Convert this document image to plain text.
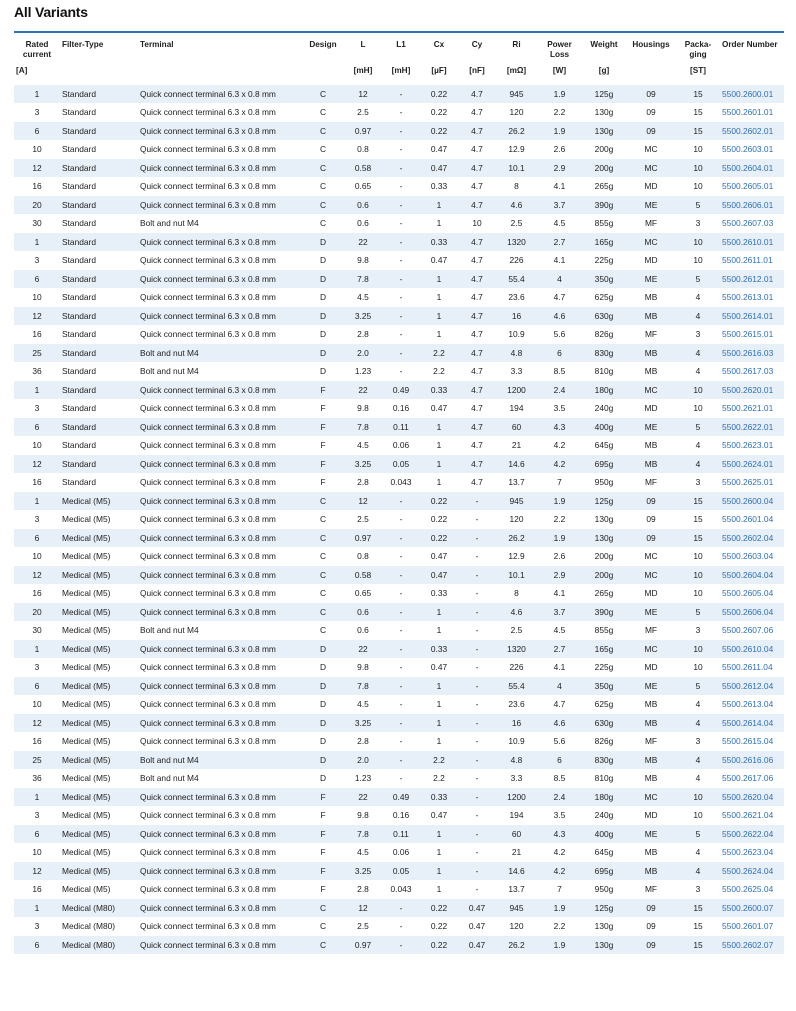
All Variants
Rated current	Filter-Type	Terminal	Design	L	L1	Cx	Cy	Ri	Power Loss	Weight	Housings	Packa-ging	Order Number
[A]				[mH]	[mH]	[µF]	[nF]	[mΩ]	[W]	[g]		[ST]	
1	Standard	Quick connect terminal 6.3 x 0.8 mm	C	12	-	0.22	4.7	945	1.9	125g	09	15	5500.2600.01
3	Standard	Quick connect terminal 6.3 x 0.8 mm	C	2.5	-	0.22	4.7	120	2.2	130g	09	15	5500.2601.01
6	Standard	Quick connect terminal 6.3 x 0.8 mm	C	0.97	-	0.22	4.7	26.2	1.9	130g	09	15	5500.2602.01
10	Standard	Quick connect terminal 6.3 x 0.8 mm	C	0.8	-	0.47	4.7	12.9	2.6	200g	MC	10	5500.2603.01
12	Standard	Quick connect terminal 6.3 x 0.8 mm	C	0.58	-	0.47	4.7	10.1	2.9	200g	MC	10	5500.2604.01
16	Standard	Quick connect terminal 6.3 x 0.8 mm	C	0.65	-	0.33	4.7	8	4.1	265g	MD	10	5500.2605.01
20	Standard	Quick connect terminal 6.3 x 0.8 mm	C	0.6	-	1	4.7	4.6	3.7	390g	ME	5	5500.2606.01
30	Standard	Bolt and nut M4	C	0.6	-	1	10	2.5	4.5	855g	MF	3	5500.2607.03
1	Standard	Quick connect terminal 6.3 x 0.8 mm	D	22	-	0.33	4.7	1320	2.7	165g	MC	10	5500.2610.01
3	Standard	Quick connect terminal 6.3 x 0.8 mm	D	9.8	-	0.47	4.7	226	4.1	225g	MD	10	5500.2611.01
6	Standard	Quick connect terminal 6.3 x 0.8 mm	D	7.8	-	1	4.7	55.4	4	350g	ME	5	5500.2612.01
10	Standard	Quick connect terminal 6.3 x 0.8 mm	D	4.5	-	1	4.7	23.6	4.7	625g	MB	4	5500.2613.01
12	Standard	Quick connect terminal 6.3 x 0.8 mm	D	3.25	-	1	4.7	16	4.6	630g	MB	4	5500.2614.01
16	Standard	Quick connect terminal 6.3 x 0.8 mm	D	2.8	-	1	4.7	10.9	5.6	826g	MF	3	5500.2615.01
25	Standard	Bolt and nut M4	D	2.0	-	2.2	4.7	4.8	6	830g	MB	4	5500.2616.03
36	Standard	Bolt and nut M4	D	1.23	-	2.2	4.7	3.3	8.5	810g	MB	4	5500.2617.03
1	Standard	Quick connect terminal 6.3 x 0.8 mm	F	22	0.49	0.33	4.7	1200	2.4	180g	MC	10	5500.2620.01
3	Standard	Quick connect terminal 6.3 x 0.8 mm	F	9.8	0.16	0.47	4.7	194	3.5	240g	MD	10	5500.2621.01
6	Standard	Quick connect terminal 6.3 x 0.8 mm	F	7.8	0.11	1	4.7	60	4.3	400g	ME	5	5500.2622.01
10	Standard	Quick connect terminal 6.3 x 0.8 mm	F	4.5	0.06	1	4.7	21	4.2	645g	MB	4	5500.2623.01
12	Standard	Quick connect terminal 6.3 x 0.8 mm	F	3.25	0.05	1	4.7	14.6	4.2	695g	MB	4	5500.2624.01
16	Standard	Quick connect terminal 6.3 x 0.8 mm	F	2.8	0.043	1	4.7	13.7	7	950g	MF	3	5500.2625.01
1	Medical (M5)	Quick connect terminal 6.3 x 0.8 mm	C	12	-	0.22	-	945	1.9	125g	09	15	5500.2600.04
3	Medical (M5)	Quick connect terminal 6.3 x 0.8 mm	C	2.5	-	0.22	-	120	2.2	130g	09	15	5500.2601.04
6	Medical (M5)	Quick connect terminal 6.3 x 0.8 mm	C	0.97	-	0.22	-	26.2	1.9	130g	09	15	5500.2602.04
10	Medical (M5)	Quick connect terminal 6.3 x 0.8 mm	C	0.8	-	0.47	-	12.9	2.6	200g	MC	10	5500.2603.04
12	Medical (M5)	Quick connect terminal 6.3 x 0.8 mm	C	0.58	-	0.47	-	10.1	2.9	200g	MC	10	5500.2604.04
16	Medical (M5)	Quick connect terminal 6.3 x 0.8 mm	C	0.65	-	0.33	-	8	4.1	265g	MD	10	5500.2605.04
20	Medical (M5)	Quick connect terminal 6.3 x 0.8 mm	C	0.6	-	1	-	4.6	3.7	390g	ME	5	5500.2606.04
30	Medical (M5)	Bolt and nut M4	C	0.6	-	1	-	2.5	4.5	855g	MF	3	5500.2607.06
1	Medical (M5)	Quick connect terminal 6.3 x 0.8 mm	D	22	-	0.33	-	1320	2.7	165g	MC	10	5500.2610.04
3	Medical (M5)	Quick connect terminal 6.3 x 0.8 mm	D	9.8	-	0.47	-	226	4.1	225g	MD	10	5500.2611.04
6	Medical (M5)	Quick connect terminal 6.3 x 0.8 mm	D	7.8	-	1	-	55.4	4	350g	ME	5	5500.2612.04
10	Medical (M5)	Quick connect terminal 6.3 x 0.8 mm	D	4.5	-	1	-	23.6	4.7	625g	MB	4	5500.2613.04
12	Medical (M5)	Quick connect terminal 6.3 x 0.8 mm	D	3.25	-	1	-	16	4.6	630g	MB	4	5500.2614.04
16	Medical (M5)	Quick connect terminal 6.3 x 0.8 mm	D	2.8	-	1	-	10.9	5.6	826g	MF	3	5500.2615.04
25	Medical (M5)	Bolt and nut M4	D	2.0	-	2.2	-	4.8	6	830g	MB	4	5500.2616.06
36	Medical (M5)	Bolt and nut M4	D	1.23	-	2.2	-	3.3	8.5	810g	MB	4	5500.2617.06
1	Medical (M5)	Quick connect terminal 6.3 x 0.8 mm	F	22	0.49	0.33	-	1200	2.4	180g	MC	10	5500.2620.04
3	Medical (M5)	Quick connect terminal 6.3 x 0.8 mm	F	9.8	0.16	0.47	-	194	3.5	240g	MD	10	5500.2621.04
6	Medical (M5)	Quick connect terminal 6.3 x 0.8 mm	F	7.8	0.11	1	-	60	4.3	400g	ME	5	5500.2622.04
10	Medical (M5)	Quick connect terminal 6.3 x 0.8 mm	F	4.5	0.06	1	-	21	4.2	645g	MB	4	5500.2623.04
12	Medical (M5)	Quick connect terminal 6.3 x 0.8 mm	F	3.25	0.05	1	-	14.6	4.2	695g	MB	4	5500.2624.04
16	Medical (M5)	Quick connect terminal 6.3 x 0.8 mm	F	2.8	0.043	1	-	13.7	7	950g	MF	3	5500.2625.04
1	Medical (M80)	Quick connect terminal 6.3 x 0.8 mm	C	12	-	0.22	0.47	945	1.9	125g	09	15	5500.2600.07
3	Medical (M80)	Quick connect terminal 6.3 x 0.8 mm	C	2.5	-	0.22	0.47	120	2.2	130g	09	15	5500.2601.07
6	Medical (M80)	Quick connect terminal 6.3 x 0.8 mm	C	0.97	-	0.22	0.47	26.2	1.9	130g	09	15	5500.2602.07
